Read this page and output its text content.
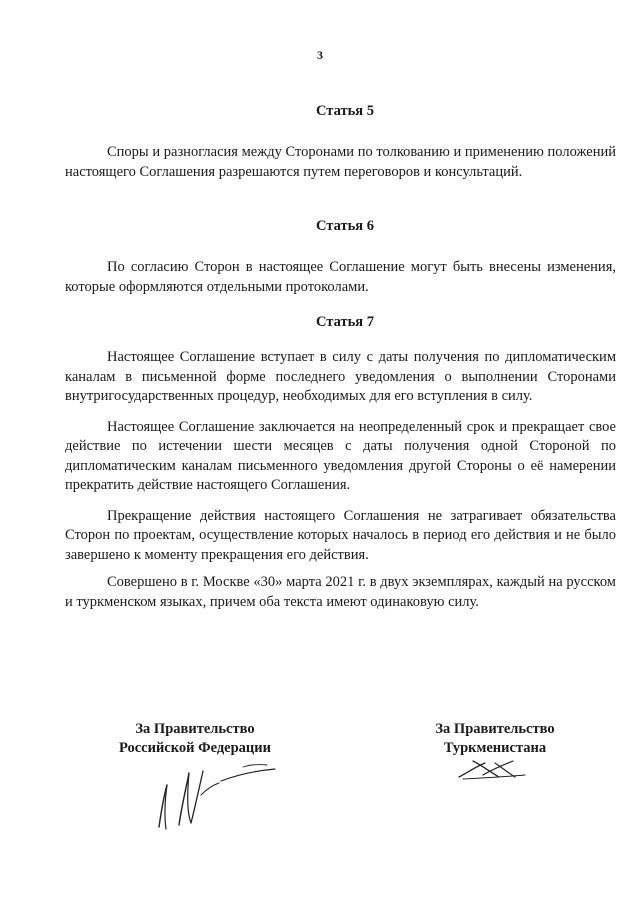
3
Статья 5

Споры и разногласия между Сторонами по толкованию и применению положений настоящего Соглашения разрешаются путем переговоров и консультаций.

Статья 6

По согласию Сторон в настоящее Соглашение могут быть внесены изменения, которые оформляются отдельными протоколами.

Статья 7

Настоящее Соглашение вступает в силу с даты получения по дипломатическим каналам в письменной форме последнего уведомления о выполнении Сторонами внутригосударственных процедур, необходимых для его вступления в силу.

Настоящее Соглашение заключается на неопределенный срок и прекращает свое действие по истечении шести месяцев с даты получения одной Стороной по дипломатическим каналам письменного уведомления другой Стороны о её намерении прекратить действие настоящего Соглашения.

Прекращение действия настоящего Соглашения не затрагивает обязательства Сторон по проектам, осуществление которых началось в период его действия и не было завершено к моменту прекращения его действия.

Совершено в г. Москве «30» марта 2021 г. в двух экземплярах, каждый на русском и туркменском языках, причем оба текста имеют одинаковую силу.

За Правительство
Российской Федерации
За Правительство
Туркменистана
